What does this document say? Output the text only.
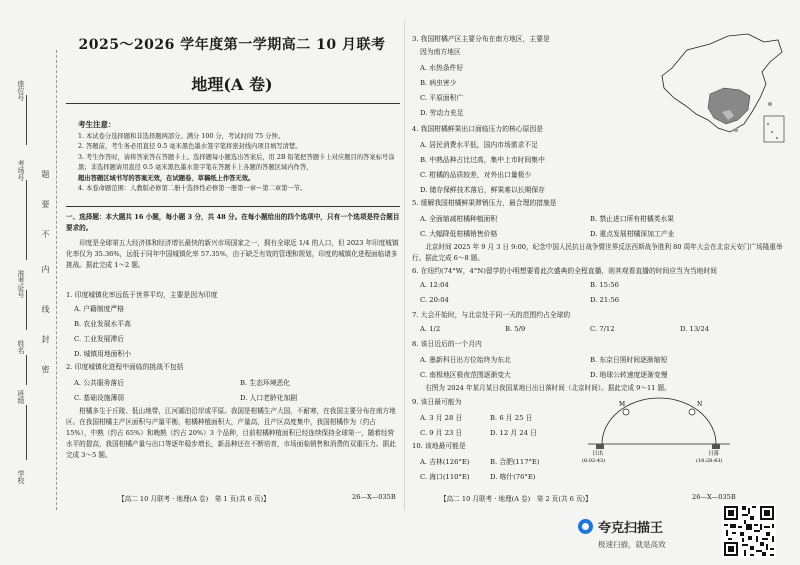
座位号
考场号
准考证号
姓名
班级
学校
题
要
不
内
线
封
密
2025～2026 学年度第一学期高二 10 月联考
地理(A 卷)
考生注意：

1. 本试卷分选择题和非选择题两部分。满分 100 分，考试时间 75 分钟。

2. 答题前，考生务必用直径 0.5 毫米黑色墨水签字笔将密封线内项目填写清楚。

3. 考生作答时，请将答案答在答题卡上。选择题每小题选出答案后，用 2B 铅笔把答题卡上对应题目的答案标号涂黑；非选择题请用直径 0.5 毫米黑色墨水签字笔在答题卡上各题的答题区域内作答，

超出答题区域书写的答案无效，在试题卷、草稿纸上作答无效。

4. 本卷命题范围：人教版必修第二册十选择性必修第一册第一章～第二章第一节。

一、选择题：本大题共 16 小题，每小题 3 分，共 48 分。在每小题给出的四个选项中，只有一个选项是符合题目要求的。
印度是全球第五大经济体和经济增长最快的新兴市场国家之一，拥有全球近 1/4 的人口，但 2023 年印度城镇化率仅为 35.36%，远低于同年中国城镇化率 57.35%，由于缺乏有效的管理和规划，印度的城镇化进程面临诸多挑战。据此完成 1～2 题。
1. 印度城镇化率远低于世界平均，主要是因为印度
A. 户籍制度严格
B. 农业发展水平高
C. 工业发展滞后
D. 城镇用地面积小
2. 印度城镇化进程中面临的挑战不包括
A. 公共服务落后	B. 生态环境恶化
C. 基础设施薄弱	D. 人口老龄化加剧
柑橘多生于丘陵、低山地带，江河湖泊沿岸或平原。我国是柑橘生产大国，不耐寒，在我国主要分布在南方地区。在我国柑橘主产区面积与产量平衡，柑橘种植面积大，产量高，且产区高度集中，我国柑橘作为（约占 15%），中熟（约占 65%）和晚熟（约占 20%）3 个品种，目前柑橘种植面积已经连续保持全球第一，随着经营水平的提高，我国柑橘产量与出口等逐年稳步增长，新品种还在不断培育，市场面临销售和消费的双重压力。据此完成 3～5 题。
【高二 10 月联考 · 地理(A 卷)　第 1 页(共 6 页)】	26—X—035B
3. 我国柑橘产区主要分布在南方地区，主要是
因为南方地区
A. 水热条件好
B. 病虫害少
C. 平原面积广
D. 劳动力充足
4. 我国柑橘鲜果出口面临压力的核心原因是
A. 居民消费水平低，国内市场需求不足
B. 中熟品种占比过高，集中上市时间集中
C. 柑橘的品质较差，对外出口量极少
D. 储存保鲜技术落后，鲜果难以长期保存
5. 缓解我国柑橘鲜果滞销压力，最合理的措施是
A. 全面缩减柑橘种植面积	B. 禁止进口所有柑橘类水果
C. 大幅降低柑橘销售价格	D. 重点发展柑橘深加工产业
北京时间 2025 年 9 月 3 日 9:00，纪念中国人民抗日战争暨世界反法西斯战争胜利 80 周年大会在北京天安门广场隆重举行。据此完成 6～8 题。
6. 在纽约(74°W，4°N)留学的小明想要看此次盛典的全程直播，则其观看直播的时间应当为当地时间
A. 12:04	B. 15:56
C. 20:04	D. 21:56
7. 大会开始时，与北京处于同一天的范围约占全球的
A. 1/2	B. 5/9	C. 7/12	D. 13/24
8. 该日近后的一个月内
A. 墨新科日出方位始终为东北	B. 东京日照时间逐渐缩短
C. 南极地区极夜范围逐渐变大	D. 地球公转速度逐渐变慢
右图为 2024 年某月某日我国某地日出日落时间（北京时间）。据此完成 9～11 题。
9. 该日最可能为
A. 3 月 28 日	B. 6 月 25 日
C. 9 月 23 日	D. 12 月 24 日
10. 该地最可能是
A. 吉林(126°E)	B. 合肥(117°E)
C. 海口(110°E)	D. 喀什(76°E)
M	N
日出
(6:02:43)
日落
(18:28:43)
【高二 10 月联考 · 地理(A 卷)　第 2 页(共 6 页)】	26—X—035B
夸克扫描王
极速扫描，就是高效
